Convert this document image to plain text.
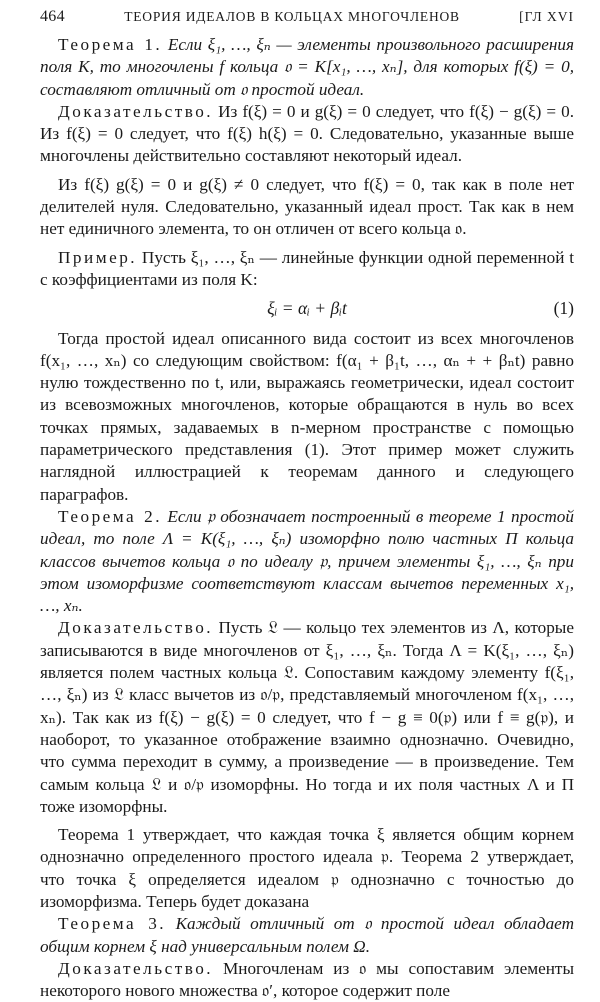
464	ТЕОРИЯ ИДЕАЛОВ В КОЛЬЦАХ МНОГОЧЛЕНОВ	[ГЛ XVI

Теорема 1. Если ξ₁, …, ξₙ — элементы произвольного расширения поля K, то многочлены f кольца 𝔬 = K[x₁, …, xₙ], для которых f(ξ) = 0, составляют отличный от 𝔬 простой идеал.

Доказательство. Из f(ξ) = 0 и g(ξ) = 0 следует, что f(ξ) − g(ξ) = 0. Из f(ξ) = 0 следует, что f(ξ) h(ξ) = 0. Следовательно, указанные выше многочлены действительно составляют некоторый идеал.

Из f(ξ) g(ξ) = 0 и g(ξ) ≠ 0 следует, что f(ξ) = 0, так как в поле нет делителей нуля. Следовательно, указанный идеал прост. Так как в нем нет единичного элемента, то он отличен от всего кольца 𝔬.

Пример. Пусть ξ₁, …, ξₙ — линейные функции одной переменной t с коэффициентами из поля K:

ξᵢ = αᵢ + βᵢt	(1)

Тогда простой идеал описанного вида состоит из всех многочленов f(x₁, …, xₙ) со следующим свойством: f(α₁ + β₁t, …, αₙ + + βₙt) равно нулю тождественно по t, или, выражаясь геометрически, идеал состоит из всевозможных многочленов, которые обращаются в нуль во всех точках прямых, задаваемых в n-мерном пространстве с помощью параметрического представления (1). Этот пример может служить наглядной иллюстрацией к теоремам данного и следующего параграфов.

Теорема 2. Если 𝔭 обозначает построенный в теореме 1 простой идеал, то поле Λ = K(ξ₁, …, ξₙ) изоморфно полю частных Π кольца классов вычетов кольца 𝔬 по идеалу 𝔭, причем элементы ξ₁, …, ξₙ при этом изоморфизме соответствуют классам вычетов переменных x₁, …, xₙ.

Доказательство. Пусть 𝔏 — кольцо тех элементов из Λ, которые записываются в виде многочленов от ξ₁, …, ξₙ. Тогда Λ = K(ξ₁, …, ξₙ) является полем частных кольца 𝔏. Сопоставим каждому элементу f(ξ₁, …, ξₙ) из 𝔏 класс вычетов из 𝔬/𝔭, представляемый многочленом f(x₁, …, xₙ). Так как из f(ξ) − g(ξ) = 0 следует, что f − g ≡ 0(𝔭) или f ≡ g(𝔭), и наоборот, то указанное отображение взаимно однозначно. Очевидно, что сумма переходит в сумму, а произведение — в произведение. Тем самым кольца 𝔏 и 𝔬/𝔭 изоморфны. Но тогда и их поля частных Λ и Π тоже изоморфны.

Теорема 1 утверждает, что каждая точка ξ является общим корнем однозначно определенного простого идеала 𝔭. Теорема 2 утверждает, что точка ξ определяется идеалом 𝔭 однозначно с точностью до изоморфизма. Теперь будет доказана

Теорема 3. Каждый отличный от 𝔬 простой идеал обладает общим корнем ξ над универсальным полем Ω.

Доказательство. Многочленам из 𝔬 мы сопоставим элементы некоторого нового множества 𝔬′, которое содержит поле
